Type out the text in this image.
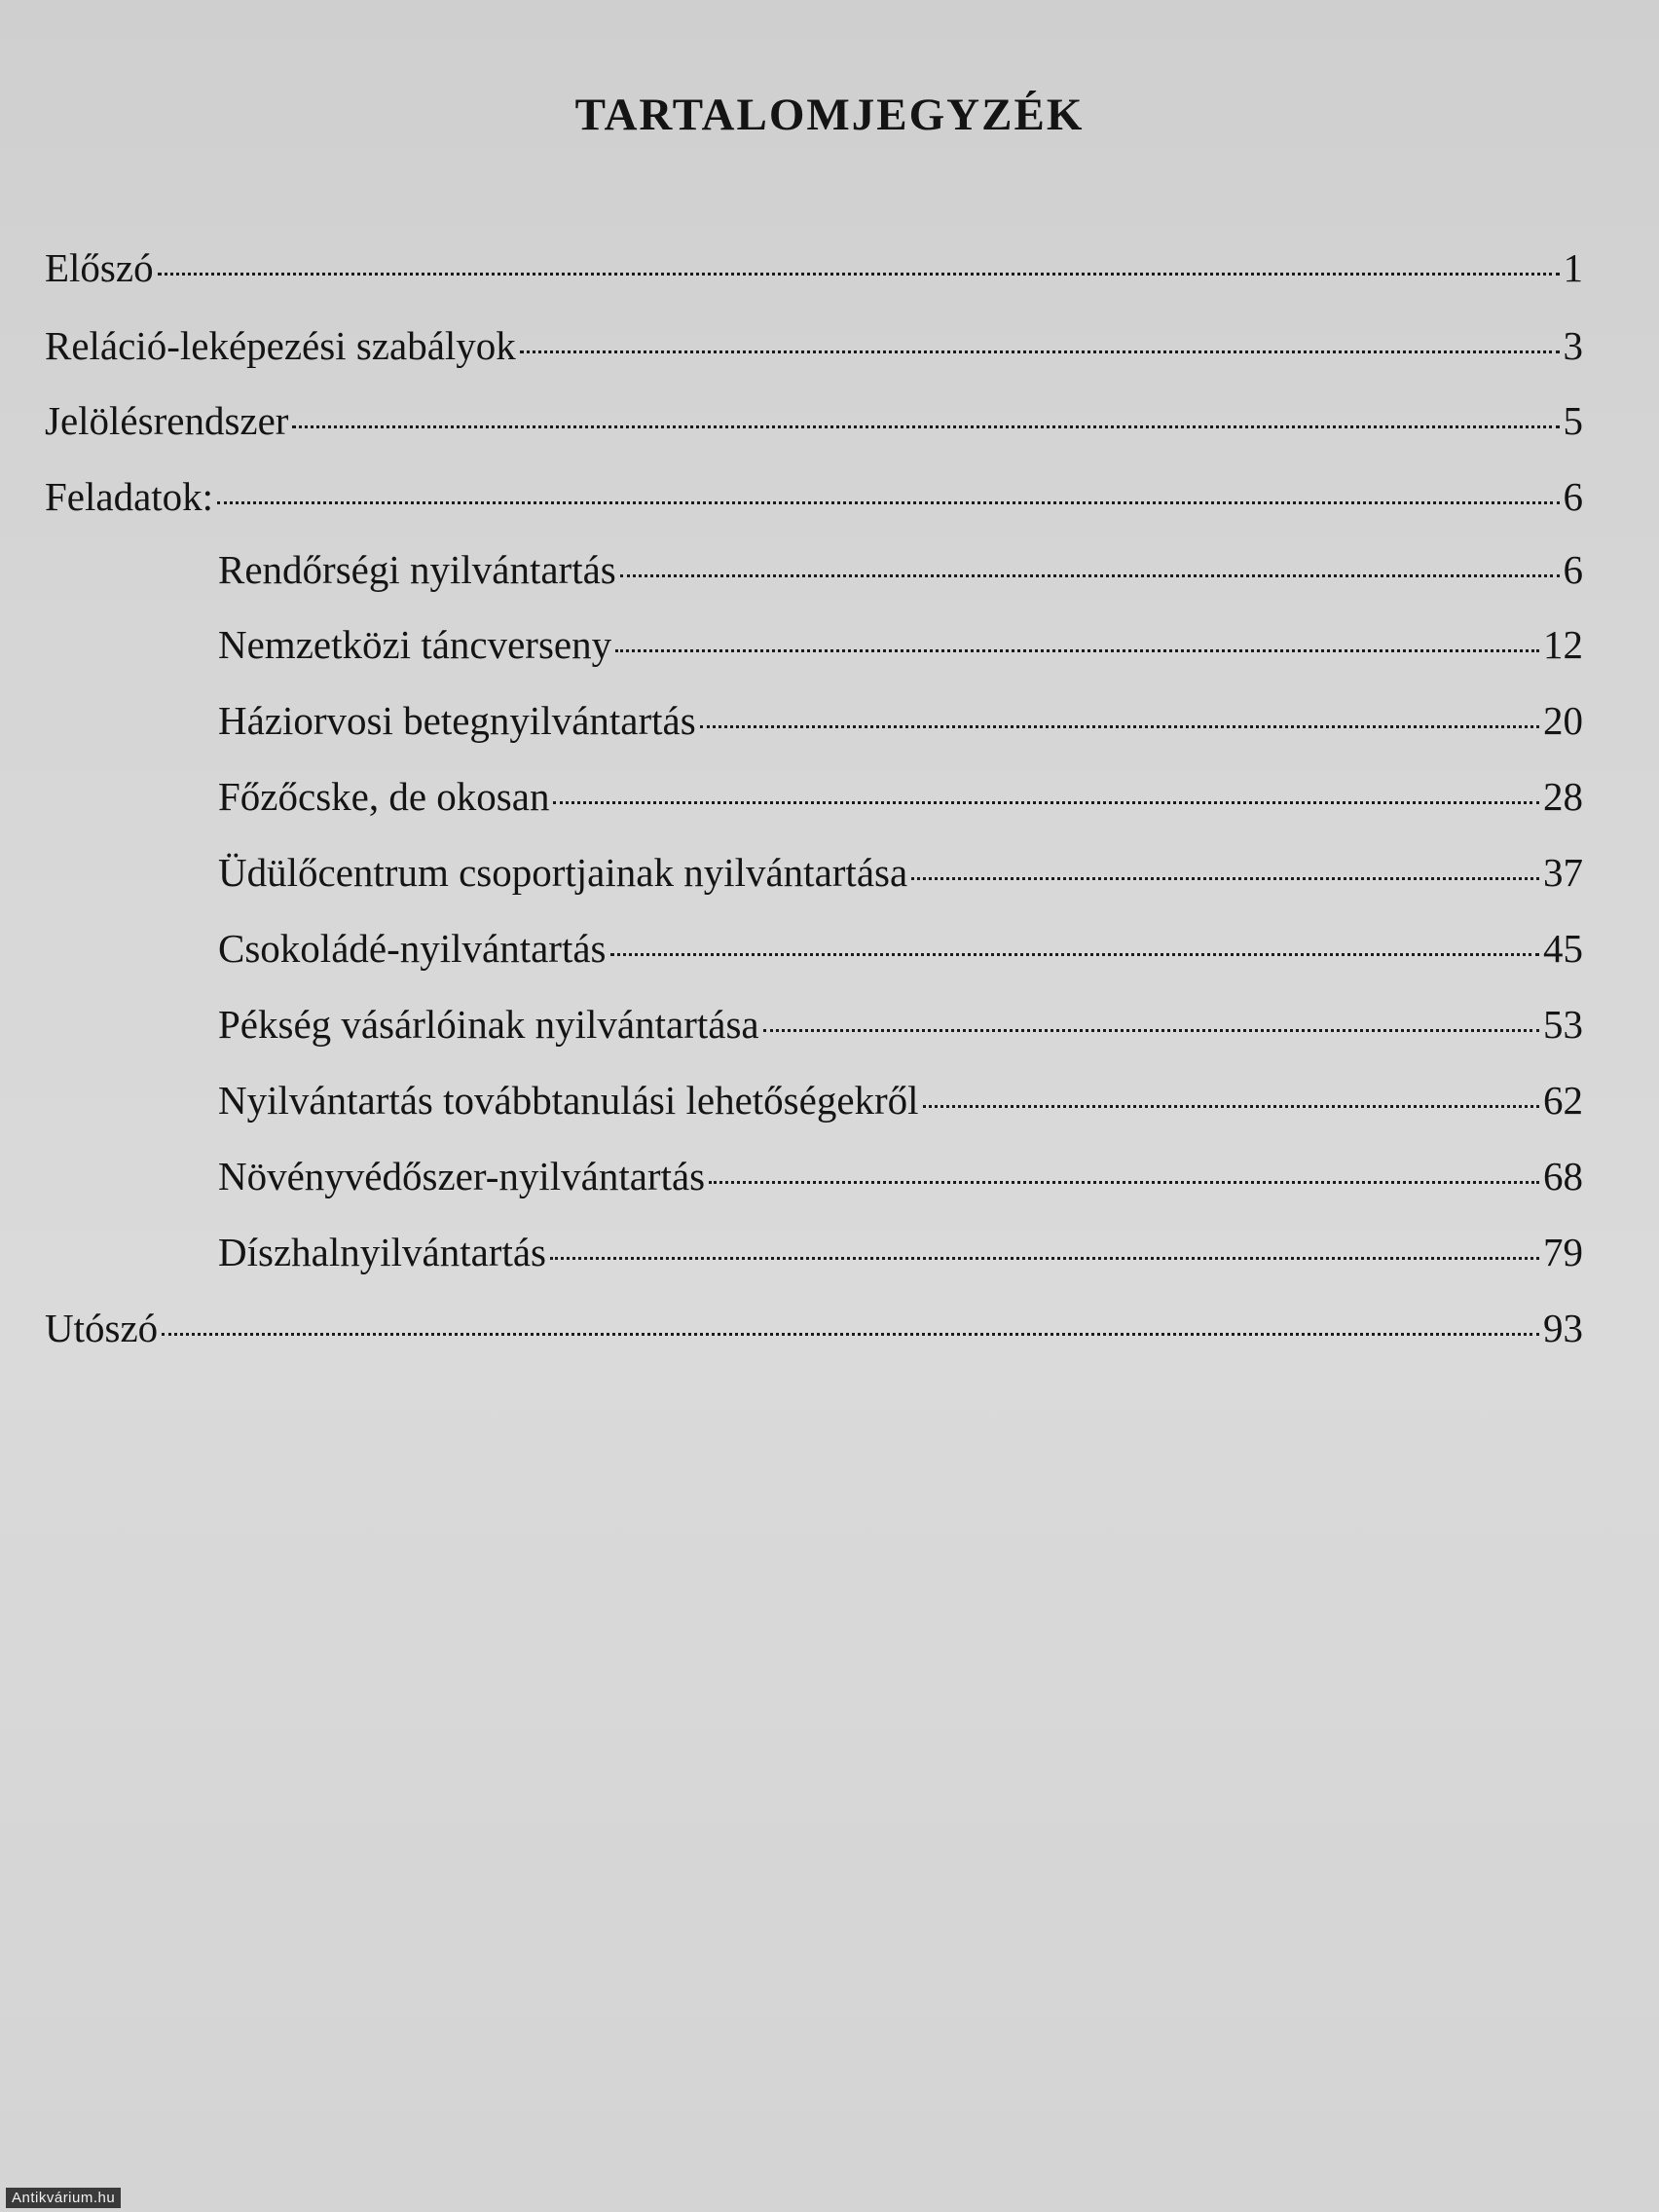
TARTALOMJEGYZÉK
Előszó	1
Reláció-leképezési szabályok	3
Jelölésrendszer	5
Feladatok:	6
Rendőrségi nyilvántartás	6
Nemzetközi táncverseny	12
Háziorvosi betegnyilvántartás	20
Főzőcske, de okosan	28
Üdülőcentrum csoportjainak nyilvántartása	37
Csokoládé-nyilvántartás	45
Pékség vásárlóinak nyilvántartása	53
Nyilvántartás továbbtanulási lehetőségekről	62
Növényvédőszer-nyilvántartás	68
Díszhalnyilvántartás	79
Utószó	93
Antikvárium.hu
